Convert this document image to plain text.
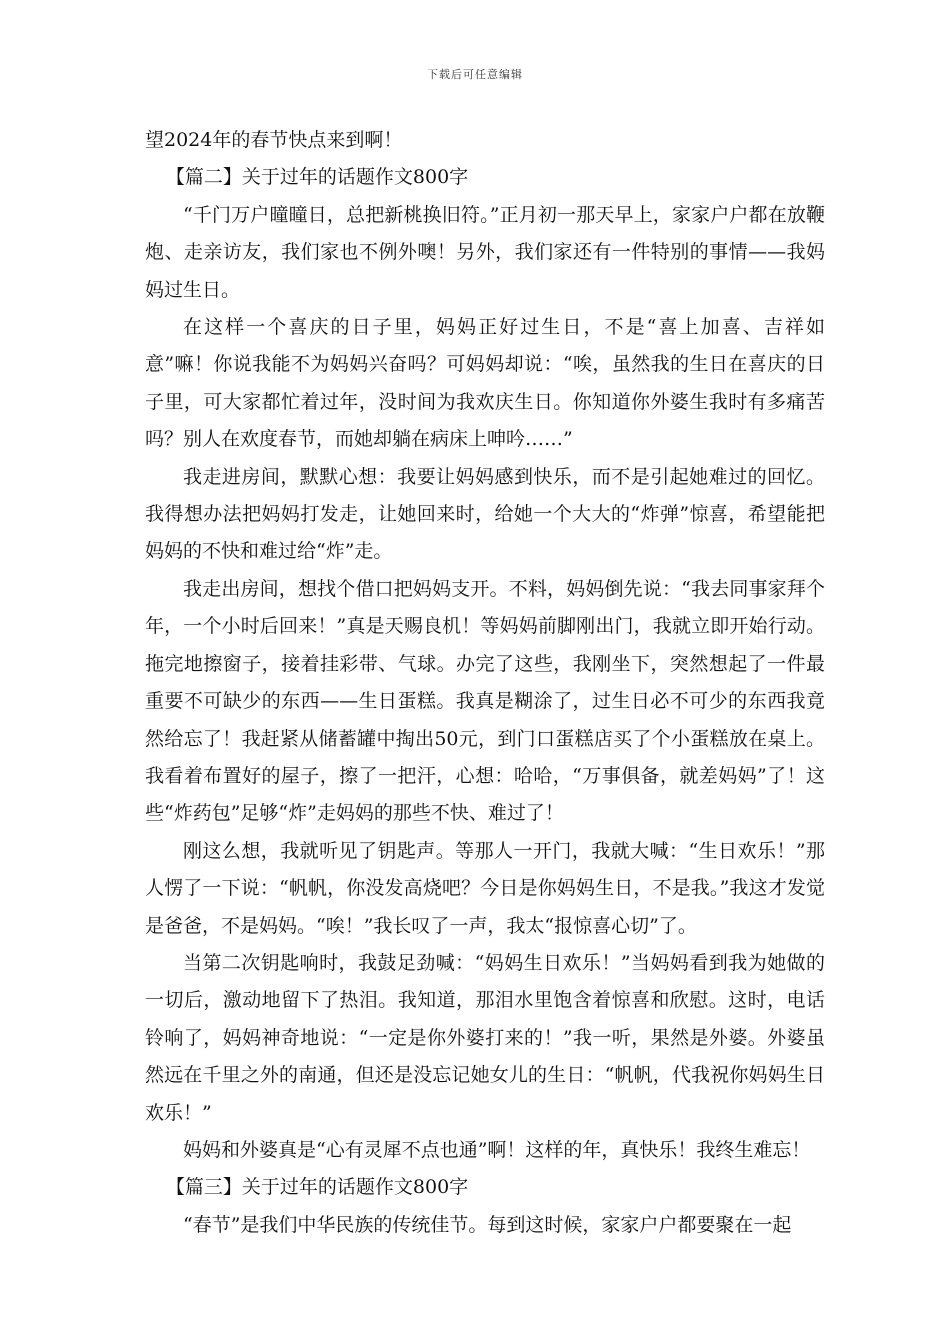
下载后可任意编辑

望2024年的春节快点来到啊！

【篇二】关于过年的话题作文800字

“千门万户曈曈日，总把新桃换旧符。”正月初一那天早上，家家户户都在放鞭炮、走亲访友，我们家也不例外噢！另外，我们家还有一件特别的事情——我妈妈过生日。

在这样一个喜庆的日子里，妈妈正好过生日，不是“喜上加喜、吉祥如意”嘛！你说我能不为妈妈兴奋吗？可妈妈却说：“唉，虽然我的生日在喜庆的日子里，可大家都忙着过年，没时间为我欢庆生日。你知道你外婆生我时有多痛苦吗？别人在欢度春节，而她却躺在病床上呻吟……”

我走进房间，默默心想：我要让妈妈感到快乐，而不是引起她难过的回忆。我得想办法把妈妈打发走，让她回来时，给她一个大大的“炸弹”惊喜，希望能把妈妈的不快和难过给“炸”走。

我走出房间，想找个借口把妈妈支开。不料，妈妈倒先说：“我去同事家拜个年，一个小时后回来！”真是天赐良机！等妈妈前脚刚出门，我就立即开始行动。拖完地擦窗子，接着挂彩带、气球。办完了这些，我刚坐下，突然想起了一件最重要不可缺少的东西——生日蛋糕。我真是糊涂了，过生日必不可少的东西我竟然给忘了！我赶紧从储蓄罐中掏出50元，到门口蛋糕店买了个小蛋糕放在桌上。我看着布置好的屋子，擦了一把汗，心想：哈哈，“万事俱备，就差妈妈”了！这些“炸药包”足够“炸”走妈妈的那些不快、难过了！

刚这么想，我就听见了钥匙声。等那人一开门，我就大喊：“生日欢乐！”那人愣了一下说：“帆帆，你没发高烧吧？今日是你妈妈生日，不是我。”我这才发觉是爸爸，不是妈妈。“唉！”我长叹了一声，我太“报惊喜心切”了。

当第二次钥匙响时，我鼓足劲喊：“妈妈生日欢乐！”当妈妈看到我为她做的一切后，激动地留下了热泪。我知道，那泪水里饱含着惊喜和欣慰。这时，电话铃响了，妈妈神奇地说：“一定是你外婆打来的！”我一听，果然是外婆。外婆虽然远在千里之外的南通，但还是没忘记她女儿的生日：“帆帆，代我祝你妈妈生日欢乐！”

妈妈和外婆真是“心有灵犀不点也通”啊！这样的年，真快乐！我终生难忘！

【篇三】关于过年的话题作文800字

“春节”是我们中华民族的传统佳节。每到这时候，家家户户都要聚在一起
